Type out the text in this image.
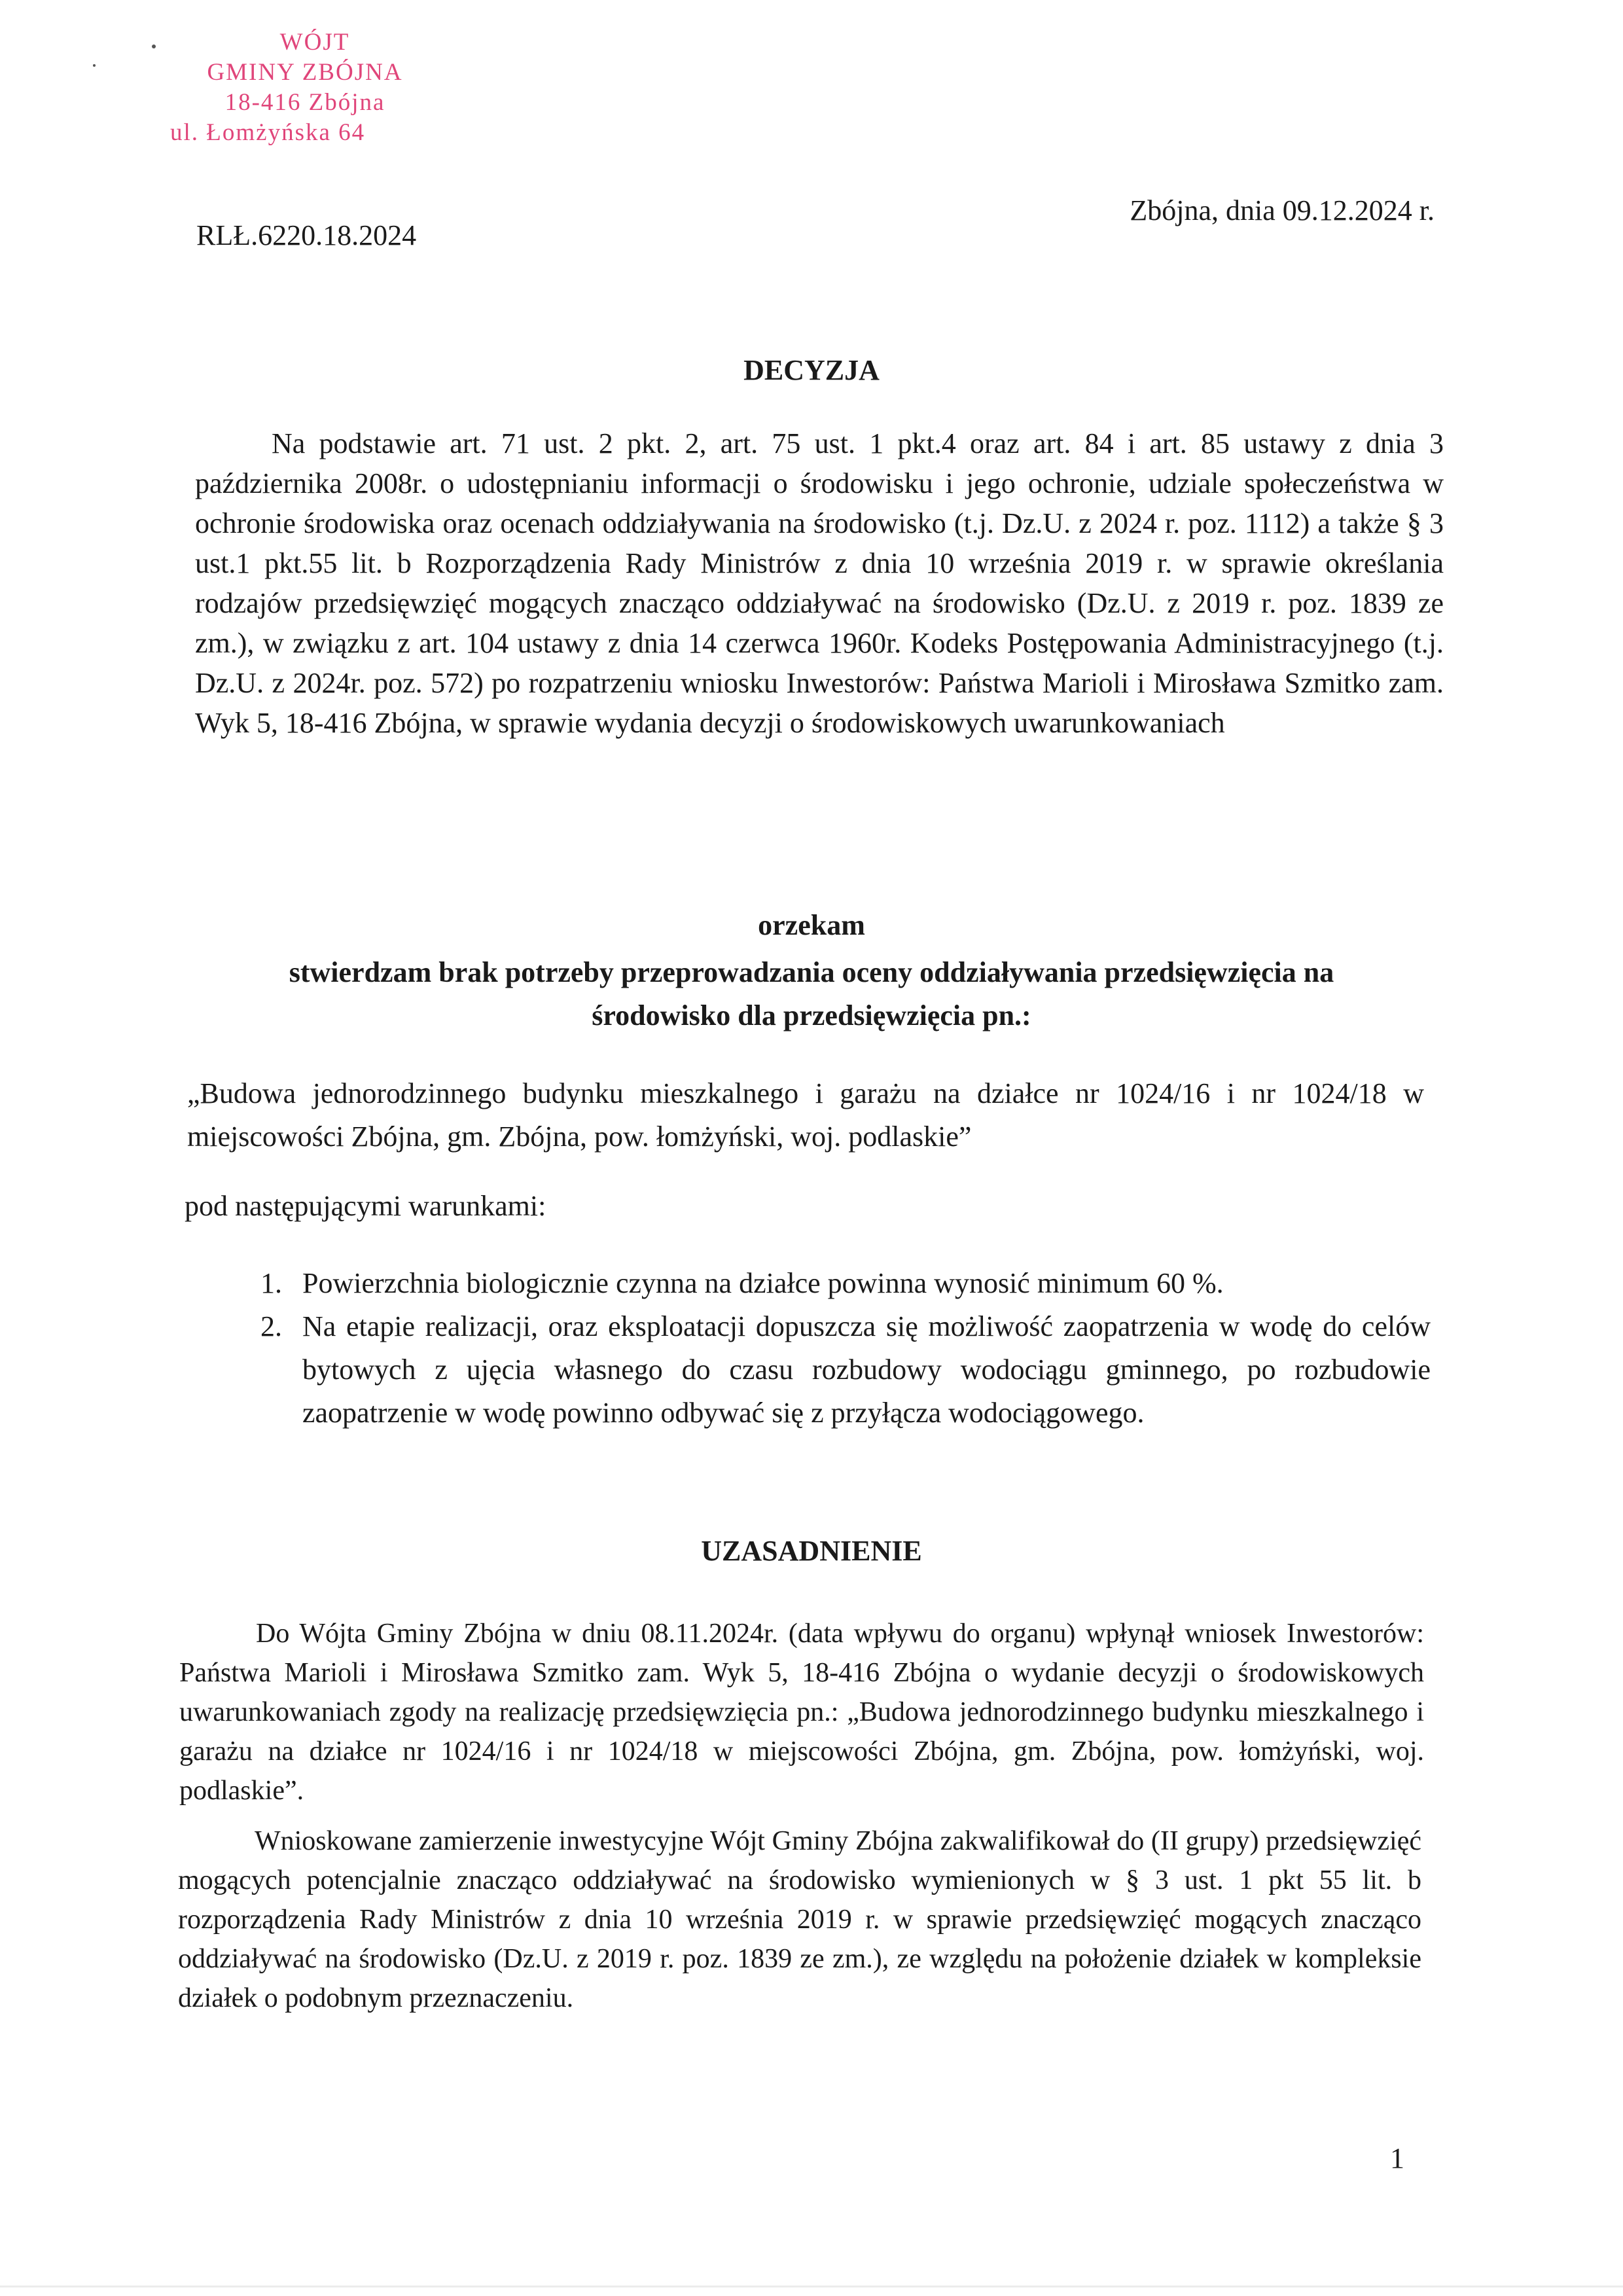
WÓJT
GMINY ZBÓJNA
18-416 Zbójna
ul. Łomżyńska 64
Zbójna, dnia 09.12.2024 r.
RLŁ.6220.18.2024
DECYZJA

Na podstawie art. 71 ust. 2 pkt. 2, art. 75 ust. 1 pkt.4 oraz art. 84 i art. 85 ustawy z dnia 3 października 2008r. o udostępnianiu informacji o środowisku i jego ochronie, udziale społeczeństwa w ochronie środowiska oraz ocenach oddziaływania na środowisko (t.j. Dz.U. z 2024 r. poz. 1112) a także § 3 ust.1 pkt.55 lit. b Rozporządzenia Rady Ministrów z dnia 10 września 2019 r. w sprawie określania rodzajów przedsięwzięć mogących znacząco oddziaływać na środowisko (Dz.U. z 2019 r. poz. 1839 ze zm.), w związku z art. 104 ustawy z dnia 14 czerwca 1960r. Kodeks Postępowania Administracyjnego (t.j. Dz.U. z 2024r. poz. 572) po rozpatrzeniu wniosku Inwestorów: Państwa Marioli i Mirosława Szmitko zam. Wyk 5, 18-416 Zbójna, w sprawie wydania decyzji o środowiskowych uwarunkowaniach

orzekam
stwierdzam brak potrzeby przeprowadzania oceny oddziaływania przedsięwzięcia na
środowisko dla przedsięwzięcia pn.:

„Budowa jednorodzinnego budynku mieszkalnego i garażu na działce nr 1024/16 i nr 1024/18 w miejscowości Zbójna, gm. Zbójna, pow. łomżyński, woj. podlaskie”

pod następującymi warunkami:
1. Powierzchnia biologicznie czynna na działce powinna wynosić minimum 60 %.
2. Na etapie realizacji, oraz eksploatacji dopuszcza się możliwość zaopatrzenia w wodę do celów bytowych z ujęcia własnego do czasu rozbudowy wodociągu gminnego, po rozbudowie zaopatrzenie w wodę powinno odbywać się z przyłącza wodociągowego.
UZASADNIENIE

Do Wójta Gminy Zbójna w dniu 08.11.2024r. (data wpływu do organu) wpłynął wniosek Inwestorów: Państwa Marioli i Mirosława Szmitko zam. Wyk 5, 18-416 Zbójna o wydanie decyzji o środowiskowych uwarunkowaniach zgody na realizację przedsięwzięcia pn.: „Budowa jednorodzinnego budynku mieszkalnego i garażu na działce nr 1024/16 i nr 1024/18 w miejscowości Zbójna, gm. Zbójna, pow. łomżyński, woj. podlaskie”.

Wnioskowane zamierzenie inwestycyjne Wójt Gminy Zbójna zakwalifikował do (II grupy) przedsięwzięć mogących potencjalnie znacząco oddziaływać na środowisko wymienionych w § 3 ust. 1 pkt 55 lit. b rozporządzenia Rady Ministrów z dnia 10 września 2019 r. w sprawie przedsięwzięć mogących znacząco oddziaływać na środowisko (Dz.U. z 2019 r. poz. 1839 ze zm.), ze względu na położenie działek w kompleksie działek o podobnym przeznaczeniu.

1
